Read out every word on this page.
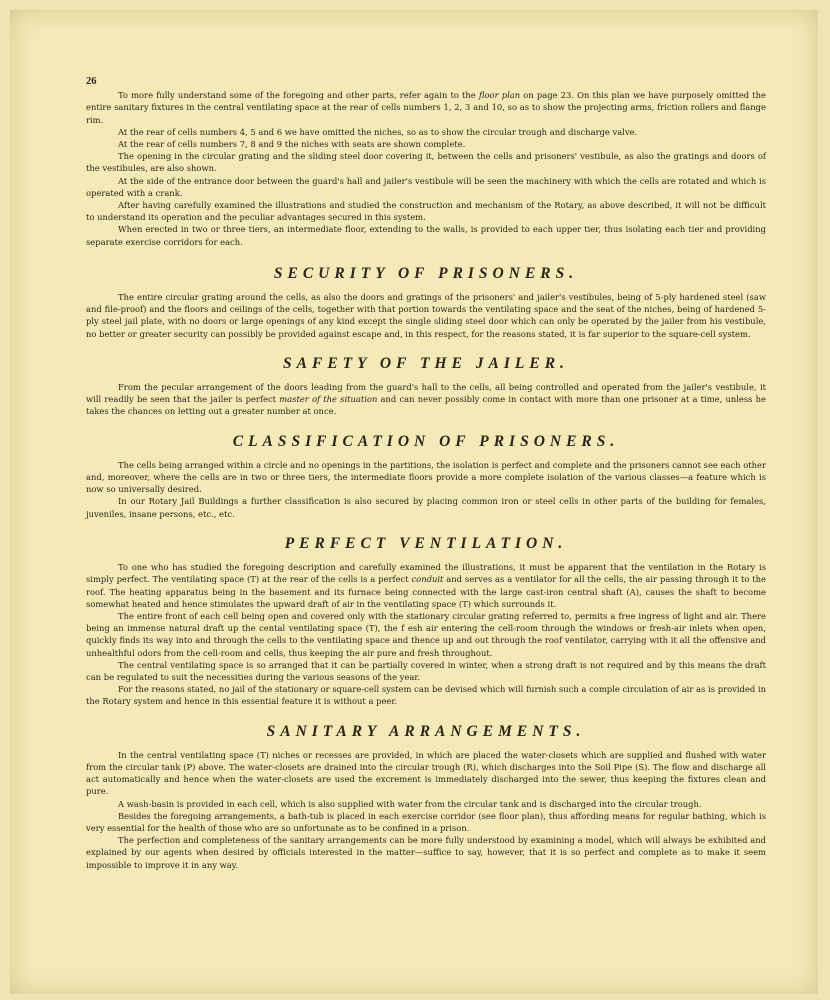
26

To more fully understand some of the foregoing and other parts, refer again to the floor plan on page 23. On this plan we have purposely omitted the entire sanitary fixtures in the central ventilating space at the rear of cells numbers 1, 2, 3 and 10, so as to show the projecting arms, friction rollers and flange rim.

At the rear of cells numbers 4, 5 and 6 we have omitted the niches, so as to show the circular trough and discharge valve.

At the rear of cells numbers 7, 8 and 9 the niches with seats are shown complete.

The opening in the circular grating and the sliding steel door covering it, between the cells and prisoners' vestibule, as also the gratings and doors of the vestibules, are also shown.

At the side of the entrance door between the guard's hall and jailer's vestibule will be seen the machinery with which the cells are rotated and which is operated with a crank.

After having carefully examined the illustrations and studied the construction and mechanism of the Rotary, as above described, it will not be difficult to understand its operation and the peculiar advantages secured in this system.

When erected in two or three tiers, an intermediate floor, extending to the walls, is provided to each upper tier, thus isolating each tier and providing separate exercise corridors for each.

SECURITY OF PRISONERS.

The entire circular grating around the cells, as also the doors and gratings of the prisoners' and jailer's vestibules, being of 5-ply hardened steel (saw and file-proof) and the floors and ceilings of the cells, together with that portion towards the ventilating space and the seat of the niches, being of hardened 5-ply steel jail plate, with no doors or large openings of any kind except the single sliding steel door which can only be operated by the jailer from his vestibule, no better or greater security can possibly be provided against escape and, in this respect, for the reasons stated, it is far superior to the square-cell system.

SAFETY OF THE JAILER.

From the pecular arrangement of the doors leading from the guard's hall to the cells, all being controlled and operated from the jailer's vestibule, it will readily be seen that the jailer is perfect master of the situation and can never possibly come in contact with more than one prisoner at a time, unless he takes the chances on letting out a greater number at once.

CLASSIFICATION OF PRISONERS.

The cells being arranged within a circle and no openings in the partitions, the isolation is perfect and complete and the prisoners cannot see each other and, moreover, where the cells are in two or three tiers, the intermediate floors provide a more complete isolation of the various classes—a feature which is now so universally desired.

In our Rotary Jail Buildings a further classification is also secured by placing common iron or steel cells in other parts of the building for females, juveniles, insane persons, etc., etc.

PERFECT VENTILATION.

To one who has studied the foregoing description and carefully examined the illustrations, it must be apparent that the ventilation in the Rotary is simply perfect. The ventilating space (T) at the rear of the cells is a perfect conduit and serves as a ventilator for all the cells, the air passing through it to the roof. The heating apparatus being in the basement and its furnace being connected with the large cast-iron central shaft (A), causes the shaft to become somewhat heated and hence stimulates the upward draft of air in the ventilating space (T) which surrounds it.

The entire front of each cell being open and covered only with the stationary circular grating referred to, permits a free ingress of light and air. There being an immense natural draft up the cental ventilating space (T), the f esh air entering the cell-room through the windows or fresh-air inlets when open, quickly finds its way into and through the cells to the ventilating space and thence up and out through the roof ventilator, carrying with it all the offensive and unhealthful odors from the cell-room and cells, thus keeping the air pure and fresh throughout.

The central ventilating space is so arranged that it can be partially covered in winter, when a strong draft is not required and by this means the draft can be regulated to suit the necessities during the various seasons of the year.

For the reasons stated, no jail of the stationary or square-cell system can be devised which will furnish such a comple circulation of air as is provided in the Rotary system and hence in this essential feature it is without a peer.

SANITARY ARRANGEMENTS.

In the central ventilating space (T) niches or recesses are provided, in which are placed the water-closets which are supplied and flushed with water from the circular tank (P) above. The water-closets are drained into the circular trough (R), which discharges into the Soil Pipe (S). The flow and discharge all act automatically and hence when the water-closets are used the excrement is immediately discharged into the sewer, thus keeping the fixtures clean and pure.

A wash-basin is provided in each cell, which is also supplied with water from the circular tank and is discharged into the circular trough.

Besides the foregoing arrangements, a bath-tub is placed in each exercise corridor (see floor plan), thus affording means for regular bathing, which is very essential for the health of those who are so unfortunate as to be confined in a prison.

The perfection and completeness of the sanitary arrangements can be more fully understood by examining a model, which will always be exhibited and explained by our agents when desired by officials interested in the matter—suffice to say, however, that it is so perfect and complete as to make it seem impossible to improve it in any way.
